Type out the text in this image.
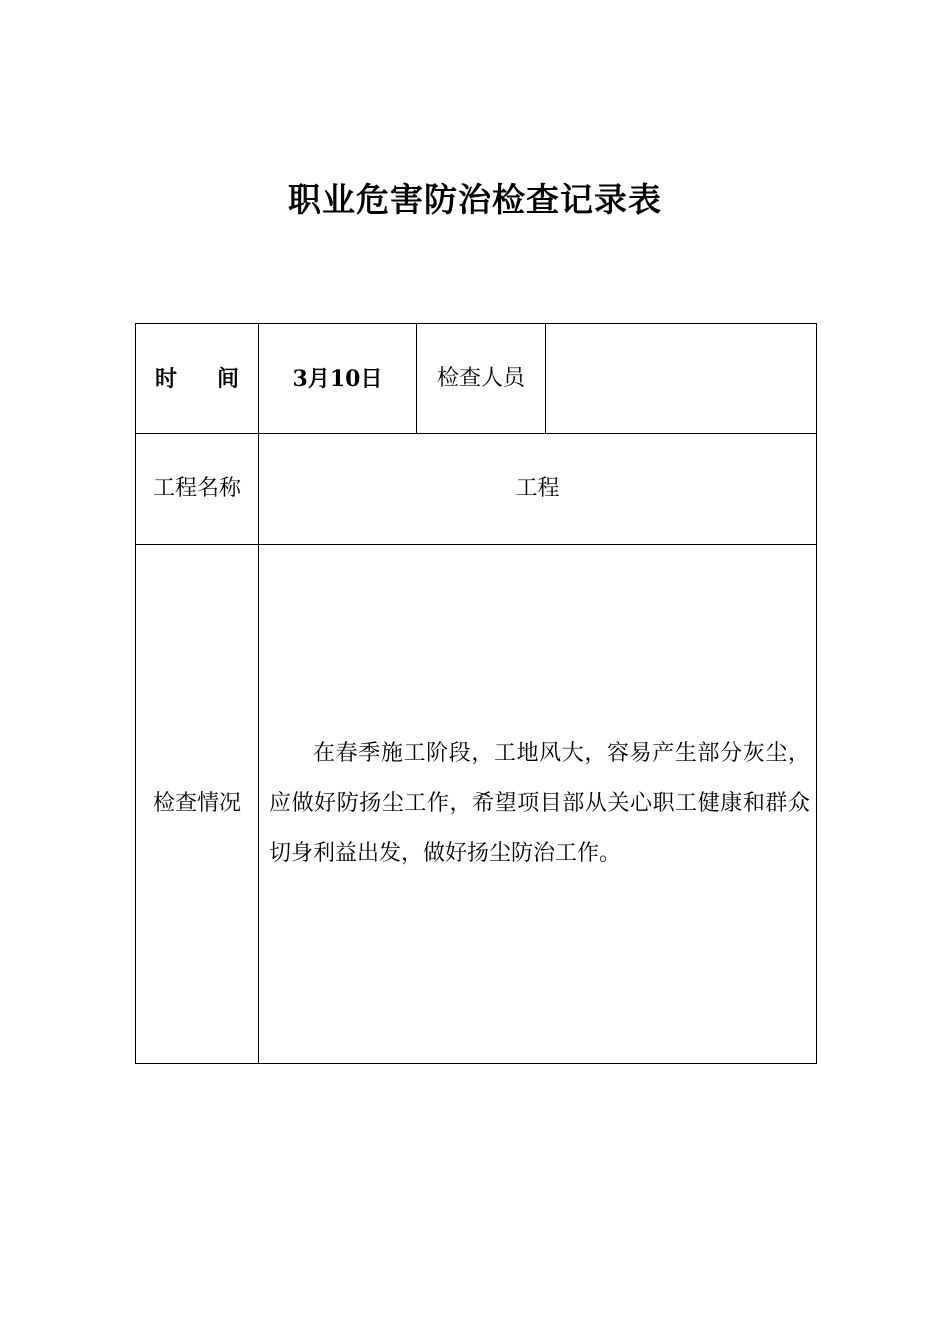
职业危害防治检查记录表
时 间	3月10日	检查人员	
工程名称	工程		
检查情况	在春季施工阶段，工地风大，容易产生部分灰尘，应做好防扬尘工作，希望项目部从关心职工健康和群众切身利益出发，做好扬尘防治工作。		
